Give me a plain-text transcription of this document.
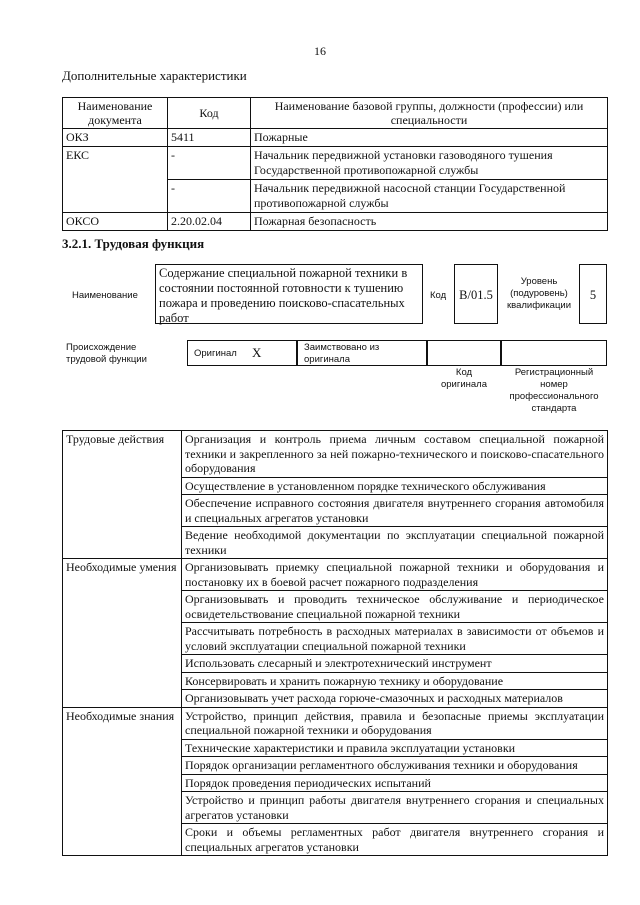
16
Дополнительные характеристики
Наименование документа	Код	Наименование базовой группы, должности (профессии) или специальности
ОКЗ	5411	Пожарные
ЕКС	-	Начальник передвижной установки газоводяного тушения Государственной противопожарной службы
	-	Начальник передвижной насосной станции Государственной противопожарной службы
ОКСО	2.20.02.04	Пожарная безопасность
3.2.1. Трудовая функция
Наименование
Содержание специальной пожарной техники в состоянии постоянной готовности к тушению пожара и проведению поисково-спасательных работ
Код	B/01.5
Уровень (подуровень) квалификации
5
Происхождение трудовой функции
Оригинал X	Заимствовано из оригинала
Код оригинала
Регистрационный номер профессионального стандарта
Трудовые действия	Организация и контроль приема личным составом специальной пожарной техники и закрепленного за ней пожарно-технического и поисково-спасательного оборудования
	Осуществление в установленном порядке технического обслуживания
	Обеспечение исправного состояния двигателя внутреннего сгорания автомобиля и специальных агрегатов установки
	Ведение необходимой документации по эксплуатации специальной пожарной техники
Необходимые умения	Организовывать приемку специальной пожарной техники и оборудования и постановку их в боевой расчет пожарного подразделения
	Организовывать и проводить техническое обслуживание и периодическое освидетельствование специальной пожарной техники
	Рассчитывать потребность в расходных материалах в зависимости от объемов и условий эксплуатации специальной пожарной техники
	Использовать слесарный и электротехнический инструмент
	Консервировать и хранить пожарную технику и оборудование
	Организовывать учет расхода горюче-смазочных и расходных материалов
Необходимые знания	Устройство, принцип действия, правила и безопасные приемы эксплуатации специальной пожарной техники и оборудования
	Технические характеристики и правила эксплуатации установки
	Порядок организации регламентного обслуживания техники и оборудования
	Порядок проведения периодических испытаний
	Устройство и принцип работы двигателя внутреннего сгорания и специальных агрегатов установки
	Сроки и объемы регламентных работ двигателя внутреннего сгорания и специальных агрегатов установки
